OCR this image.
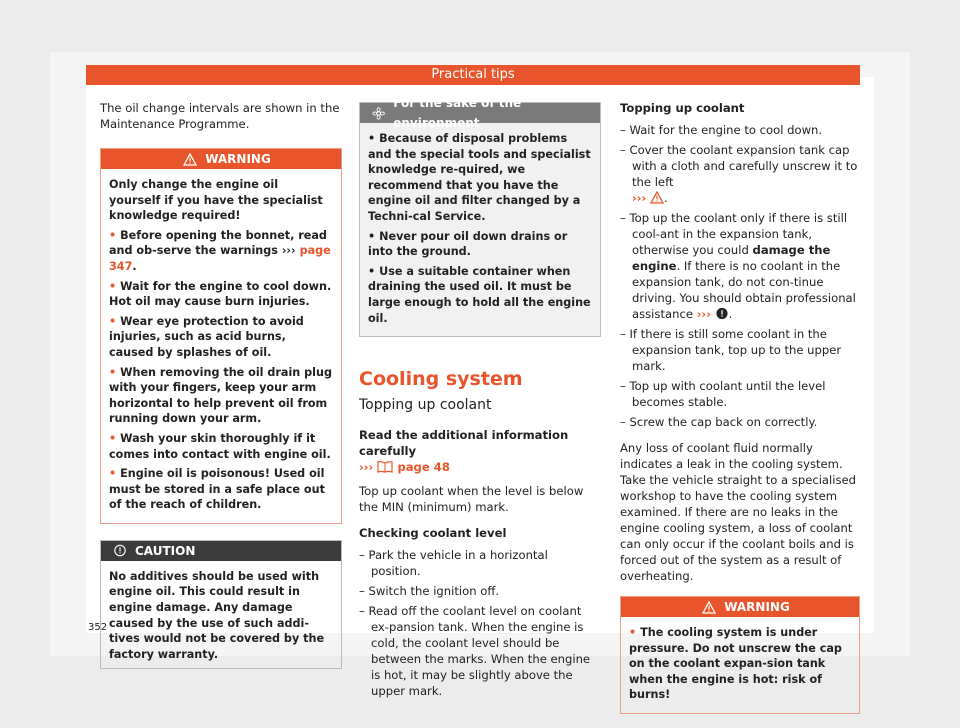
Practical tips

The oil change intervals are shown in the Maintenance Programme.

WARNING
Only change the engine oil yourself if you have the specialist knowledge required!
• Before opening the bonnet, read and ob-serve the warnings ››› page 347.
• Wait for the engine to cool down. Hot oil may cause burn injuries.
• Wear eye protection to avoid injuries, such as acid burns, caused by splashes of oil.
• When removing the oil drain plug with your fingers, keep your arm horizontal to help prevent oil from running down your arm.
• Wash your skin thoroughly if it comes into contact with engine oil.
• Engine oil is poisonous! Used oil must be stored in a safe place out of the reach of children.
CAUTION
No additives should be used with engine oil. This could result in engine damage. Any damage caused by the use of such addi-tives would not be covered by the factory warranty.
For the sake of the environment
• Because of disposal problems and the special tools and specialist knowledge re-quired, we recommend that you have the engine oil and filter changed by a Techni-cal Service.
• Never pour oil down drains or into the ground.
• Use a suitable container when draining the used oil. It must be large enough to hold all the engine oil.
Cooling system
Topping up coolant
Read the additional information carefully
››› page 48

Top up coolant when the level is below the MIN (minimum) mark.

Checking coolant level
– Park the vehicle in a horizontal position.
– Switch the ignition off.
– Read off the coolant level on coolant ex-pansion tank. When the engine is cold, the coolant level should be between the marks. When the engine is hot, it may be slightly above the upper mark.
Topping up coolant
– Wait for the engine to cool down.
– Cover the coolant expansion tank cap with a cloth and carefully unscrew it to the left
››› .
– Top up the coolant only if there is still cool-ant in the expansion tank, otherwise you could damage the engine. If there is no coolant in the expansion tank, do not con-tinue driving. You should obtain professional assistance ››› .
– If there is still some coolant in the expansion tank, top up to the upper mark.
– Top up with coolant until the level becomes stable.
– Screw the cap back on correctly.

Any loss of coolant fluid normally indicates a leak in the cooling system. Take the vehicle straight to a specialised workshop to have the cooling system examined. If there are no leaks in the engine cooling system, a loss of coolant can only occur if the coolant boils and is forced out of the system as a result of overheating.

WARNING
• The cooling system is under pressure. Do not unscrew the cap on the coolant expan-sion tank when the engine is hot: risk of burns!
352
